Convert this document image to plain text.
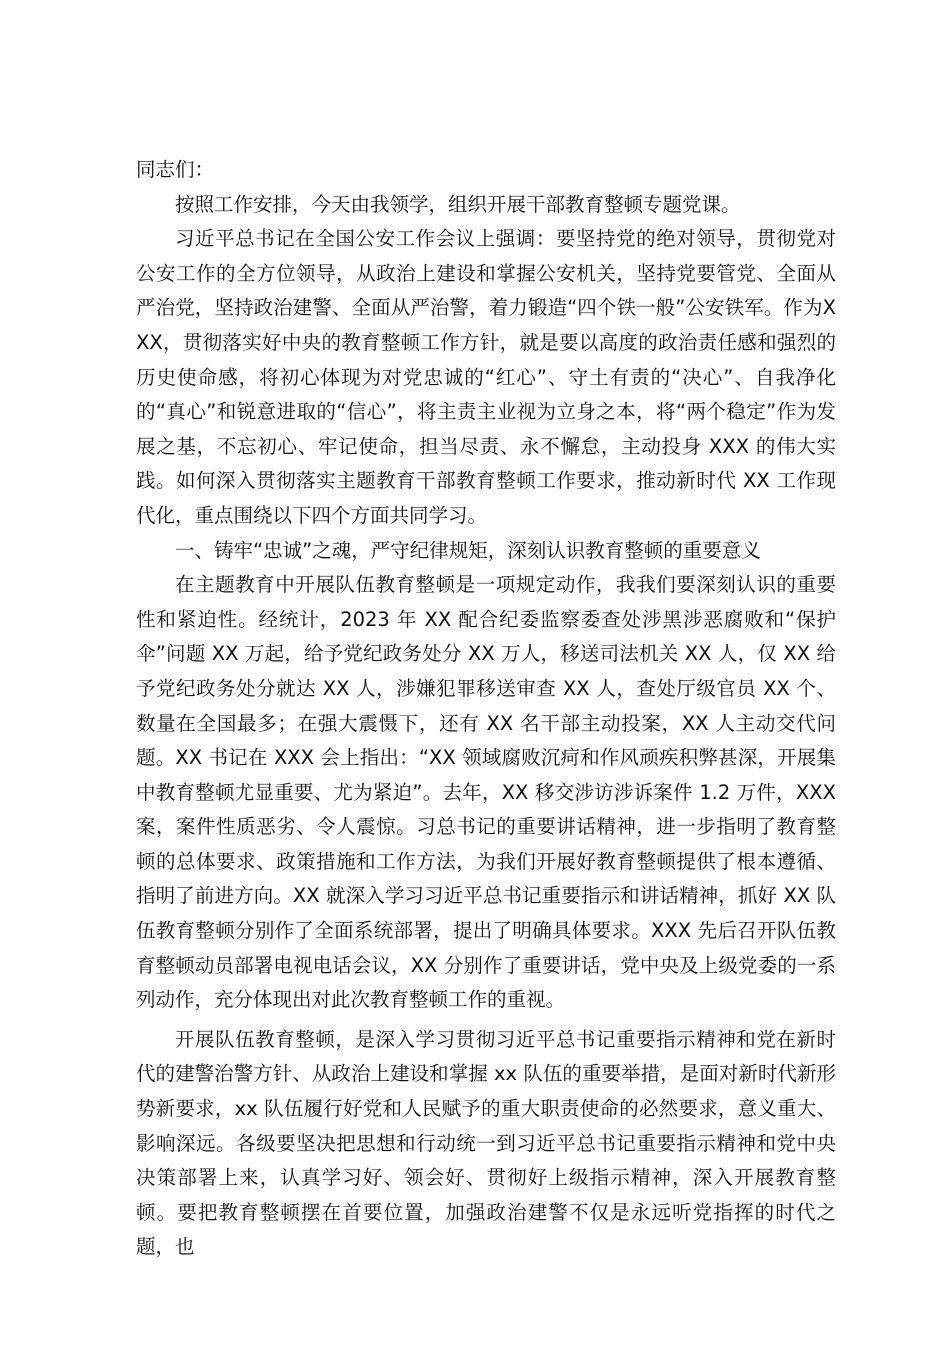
同志们：

按照工作安排，今天由我领学，组织开展干部教育整顿专题党课。

习近平总书记在全国公安工作会议上强调：要坚持党的绝对领导，贯彻党对公安工作的全方位领导，从政治上建设和掌握公安机关，坚持党要管党、全面从严治党，坚持政治建警、全面从严治警，着力锻造“四个铁一般”公安铁军。作为XXX，贯彻落实好中央的教育整顿工作方针，就是要以高度的政治责任感和强烈的历史使命感，将初心体现为对党忠诚的“红心”、守土有责的“决心”、自我净化的“真心”和锐意进取的“信心”，将主责主业视为立身之本，将“两个稳定”作为发展之基，不忘初心、牢记使命，担当尽责、永不懈怠，主动投身 XXX 的伟大实践。如何深入贯彻落实主题教育干部教育整顿工作要求，推动新时代 XX 工作现代化，重点围绕以下四个方面共同学习。

一、铸牢“忠诚”之魂，严守纪律规矩，深刻认识教育整顿的重要意义

在主题教育中开展队伍教育整顿是一项规定动作，我我们要深刻认识的重要性和紧迫性。经统计，2023 年 XX 配合纪委监察委查处涉黑涉恶腐败和“保护伞”问题 XX 万起，给予党纪政务处分 XX 万人，移送司法机关 XX 人，仅 XX 给予党纪政务处分就达 XX 人，涉嫌犯罪移送审查 XX 人，查处厅级官员 XX 个、数量在全国最多；在强大震慑下，还有 XX 名干部主动投案，XX 人主动交代问题。XX 书记在 XXX 会上指出：“XX 领域腐败沉疴和作风顽疾积弊甚深，开展集中教育整顿尤显重要、尤为紧迫”。去年，XX 移交涉访涉诉案件 1.2 万件，XXX 案，案件性质恶劣、令人震惊。习总书记的重要讲话精神，进一步指明了教育整顿的总体要求、政策措施和工作方法，为我们开展好教育整顿提供了根本遵循、指明了前进方向。XX 就深入学习习近平总书记重要指示和讲话精神，抓好 XX 队伍教育整顿分别作了全面系统部署，提出了明确具体要求。XXX 先后召开队伍教育整顿动员部署电视电话会议，XX 分别作了重要讲话，党中央及上级党委的一系列动作，充分体现出对此次教育整顿工作的重视。

开展队伍教育整顿，是深入学习贯彻习近平总书记重要指示精神和党在新时代的建警治警方针、从政治上建设和掌握 xx 队伍的重要举措，是面对新时代新形势新要求，xx 队伍履行好党和人民赋予的重大职责使命的必然要求，意义重大、影响深远。各级要坚决把思想和行动统一到习近平总书记重要指示精神和党中央决策部署上来，认真学习好、领会好、贯彻好上级指示精神，深入开展教育整顿。要把教育整顿摆在首要位置，加强政治建警不仅是永远听党指挥的时代之题，也
